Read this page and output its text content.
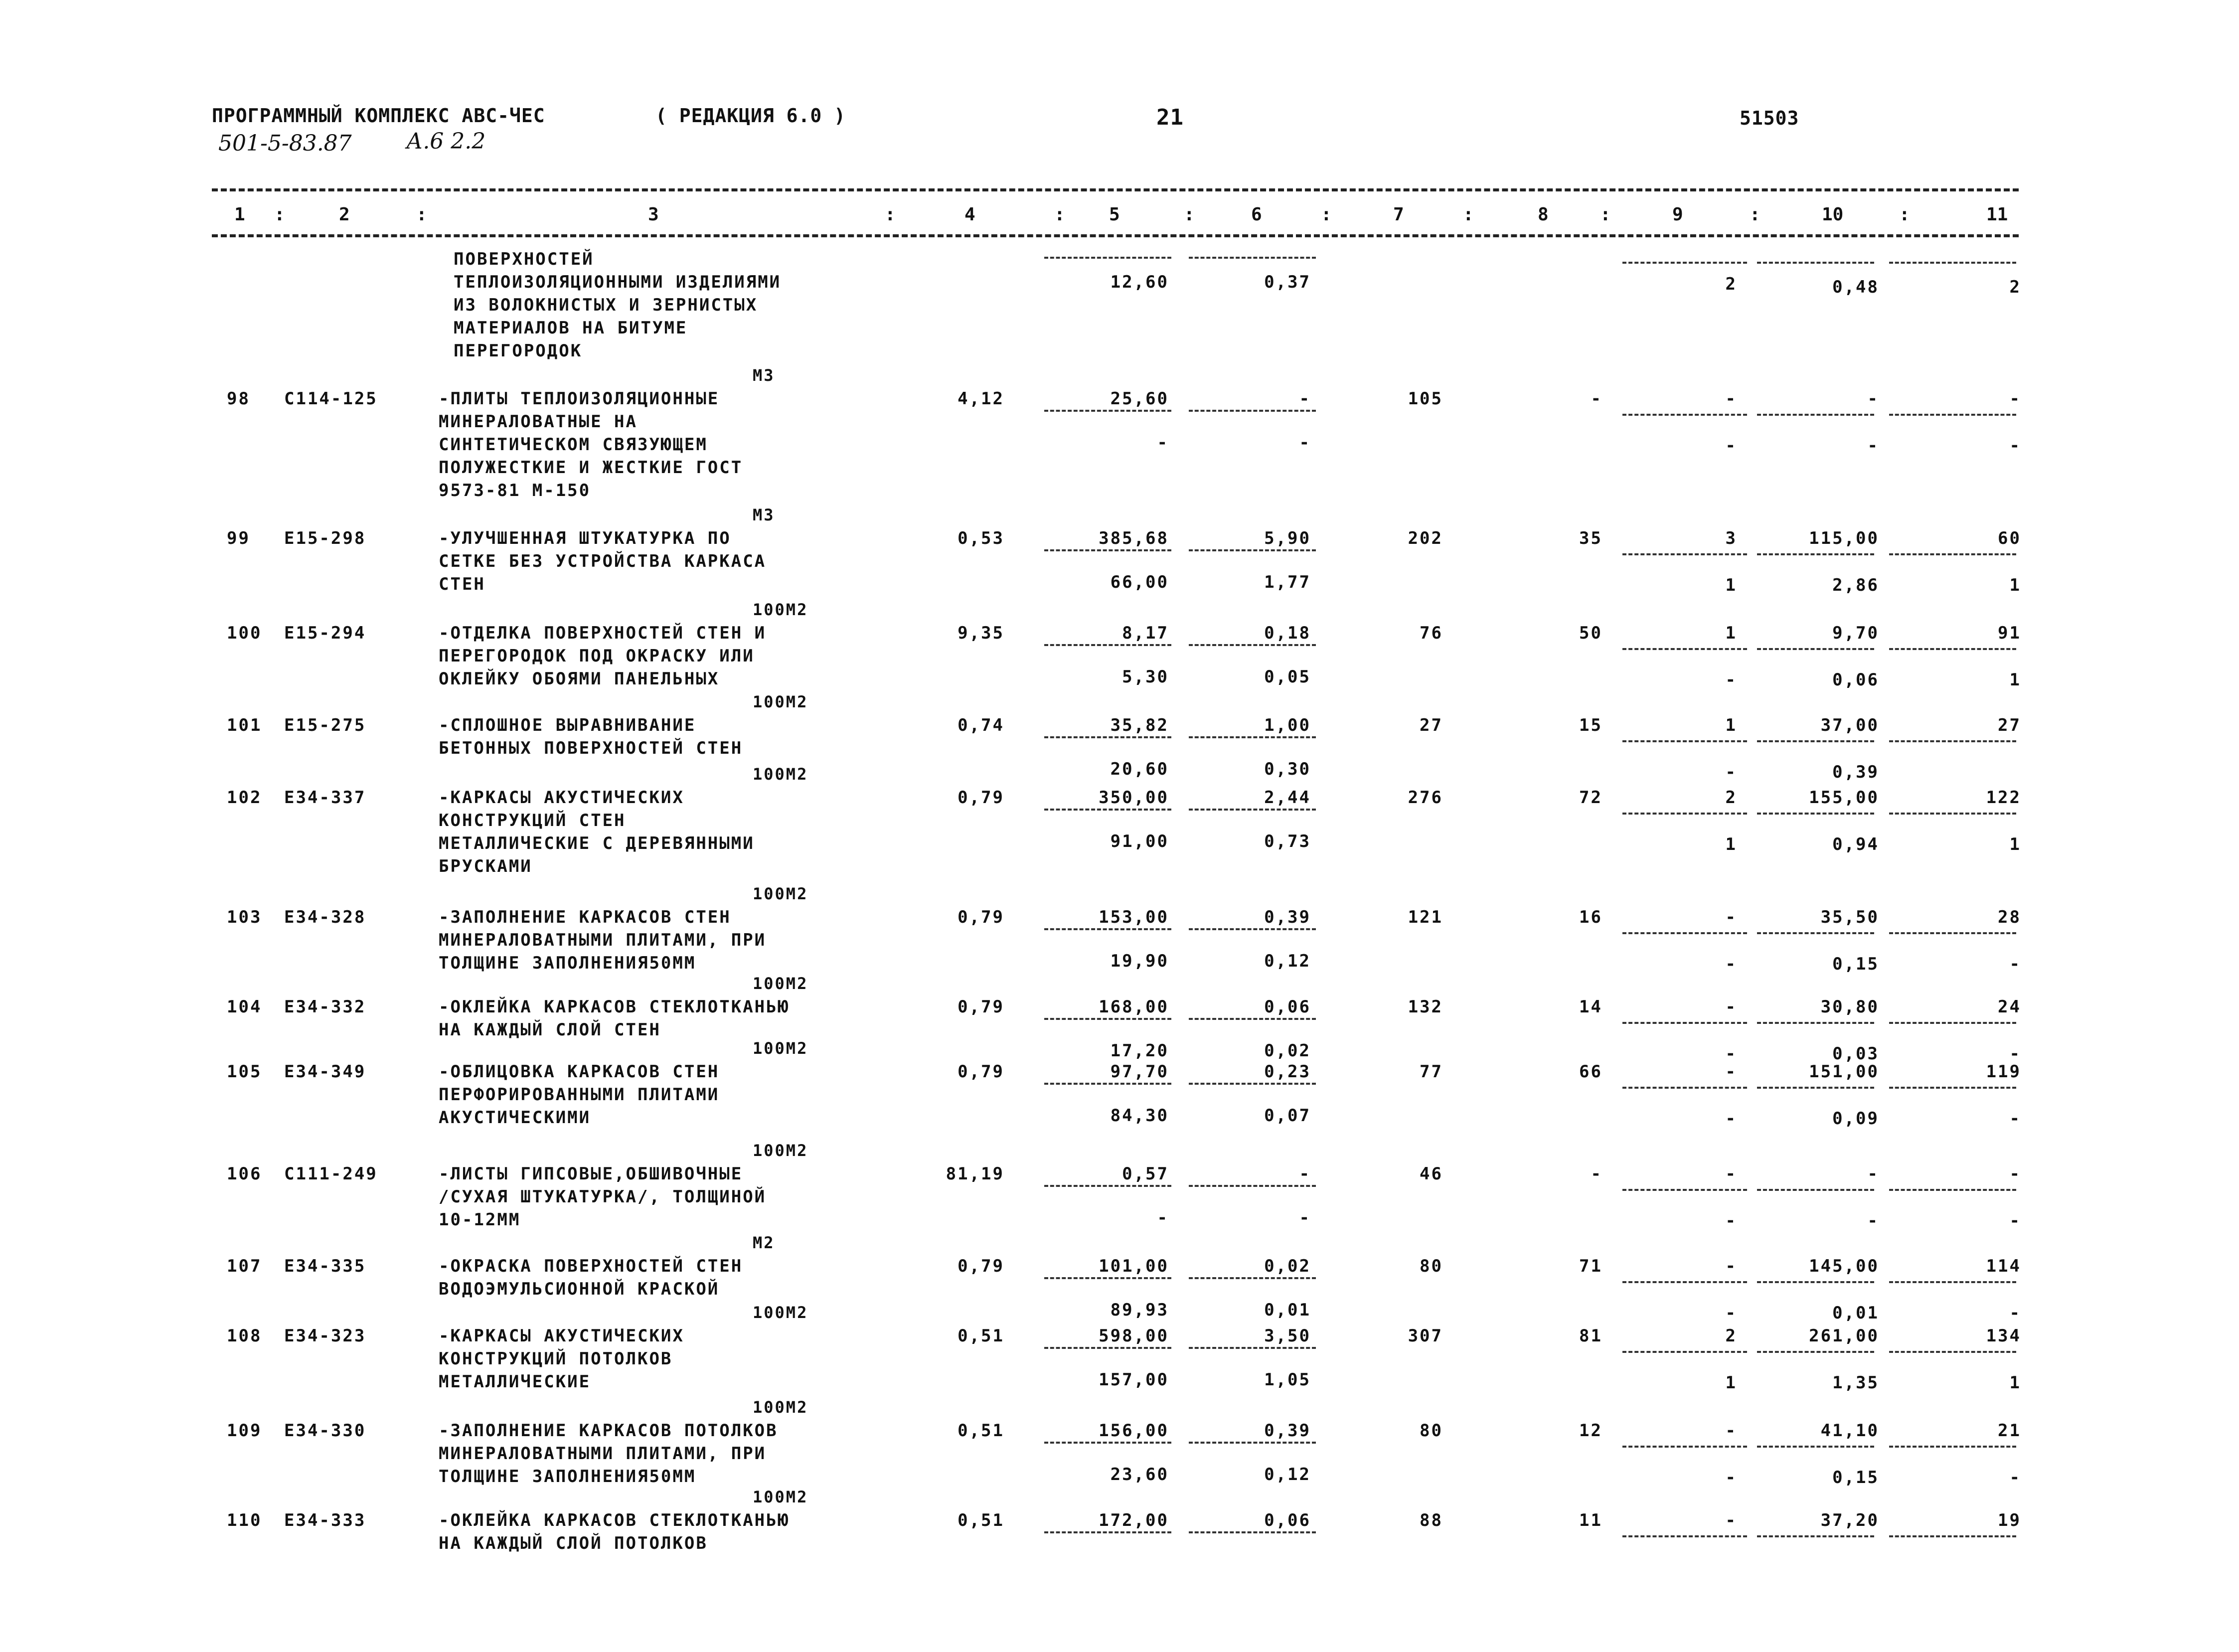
ПРОГРАММНЫЙ КОМПЛЕКС АВС-ЧЕС	( РЕДАКЦИЯ 6.0 )	21	51503
501-5-83.87 А.6 2.2
1	2	3	4	5	6	7	8	9	10	11
:	:	:	:	:	:	:	:	:	:
ПОВЕРХНОСТЕЙ
ТЕПЛОИЗОЛЯЦИОННЫМИ ИЗДЕЛИЯМИ
ИЗ ВОЛОКНИСТЫХ И ЗЕРНИСТЫХ
МАТЕРИАЛОВ НА БИТУМЕ
ПЕРЕГОРОДОК
12,60	0,37	2	0,48	2
М3
98 С114-125	-ПЛИТЫ ТЕПЛОИЗОЛЯЦИОННЫЕ
МИНЕРАЛОВАТНЫЕ НА
СИНТЕТИЧЕСКОМ СВЯЗУЮЩЕМ
ПОЛУЖЕСТКИЕ И ЖЕСТКИЕ ГОСТ
9573-81 М-150
4,12	25,60	-	105	-	-	-	-
-	-	-	-	-
М3
99 Е15-298	-УЛУЧШЕННАЯ ШТУКАТУРКА ПО
СЕТКЕ БЕЗ УСТРОЙСТВА КАРКАСА
СТЕН
0,53	385,68	5,90	202	35	3	115,00	60
66,00	1,77	1	2,86	1
100М2
100 Е15-294	-ОТДЕЛКА ПОВЕРХНОСТЕЙ СТЕН И
ПЕРЕГОРОДОК ПОД ОКРАСКУ ИЛИ
ОКЛЕЙКУ ОБОЯМИ ПАНЕЛЬНЫХ
9,35	8,17	0,18	76	50	1	9,70	91
5,30	0,05	-	0,06	1
100М2
101 Е15-275	-СПЛОШНОЕ ВЫРАВНИВАНИЕ
БЕТОННЫХ ПОВЕРХНОСТЕЙ СТЕН
0,74	35,82	1,00	27	15	1	37,00	27
20,60	0,30	-	0,39
100М2
102 Е34-337	-КАРКАСЫ АКУСТИЧЕСКИХ
КОНСТРУКЦИЙ СТЕН
МЕТАЛЛИЧЕСКИЕ С ДЕРЕВЯННЫМИ
БРУСКАМИ
0,79	350,00	2,44	276	72	2	155,00	122
91,00	0,73	1	0,94	1
100М2
103 Е34-328	-ЗАПОЛНЕНИЕ КАРКАСОВ СТЕН
МИНЕРАЛОВАТНЫМИ ПЛИТАМИ, ПРИ
ТОЛЩИНЕ ЗАПОЛНЕНИЯ50ММ
0,79	153,00	0,39	121	16	-	35,50	28
19,90	0,12	-	0,15	-
100М2
104 Е34-332	-ОКЛЕЙКА КАРКАСОВ СТЕКЛОТКАНЬЮ
НА КАЖДЫЙ СЛОЙ СТЕН
0,79	168,00	0,06	132	14	-	30,80	24
17,20	0,02	-	0,03	-
100М2
105 Е34-349	-ОБЛИЦОВКА КАРКАСОВ СТЕН
ПЕРФОРИРОВАННЫМИ ПЛИТАМИ
АКУСТИЧЕСКИМИ
0,79	97,70	0,23	77	66	-	151,00	119
84,30	0,07	-	0,09	-
100М2
106 С111-249	-ЛИСТЫ ГИПСОВЫЕ,ОБШИВОЧНЫЕ
/СУХАЯ ШТУКАТУРКА/, ТОЛЩИНОЙ
10-12ММ
81,19	0,57	-	46	-	-	-	-
-	-	-	-	-
М2
107 Е34-335	-ОКРАСКА ПОВЕРХНОСТЕЙ СТЕН
ВОДОЭМУЛЬСИОННОЙ КРАСКОЙ
0,79	101,00	0,02	80	71	-	145,00	114
89,93	0,01	-	0,01	-
100М2
108 Е34-323	-КАРКАСЫ АКУСТИЧЕСКИХ
КОНСТРУКЦИЙ ПОТОЛКОВ
МЕТАЛЛИЧЕСКИЕ
0,51	598,00	3,50	307	81	2	261,00	134
157,00	1,05	1	1,35	1
100М2
109 Е34-330	-ЗАПОЛНЕНИЕ КАРКАСОВ ПОТОЛКОВ
МИНЕРАЛОВАТНЫМИ ПЛИТАМИ, ПРИ
ТОЛЩИНЕ ЗАПОЛНЕНИЯ50ММ
0,51	156,00	0,39	80	12	-	41,10	21
23,60	0,12	-	0,15	-
100М2
110 Е34-333	-ОКЛЕЙКА КАРКАСОВ СТЕКЛОТКАНЬЮ
НА КАЖДЫЙ СЛОЙ ПОТОЛКОВ
0,51	172,00	0,06	88	11	-	37,20	19
